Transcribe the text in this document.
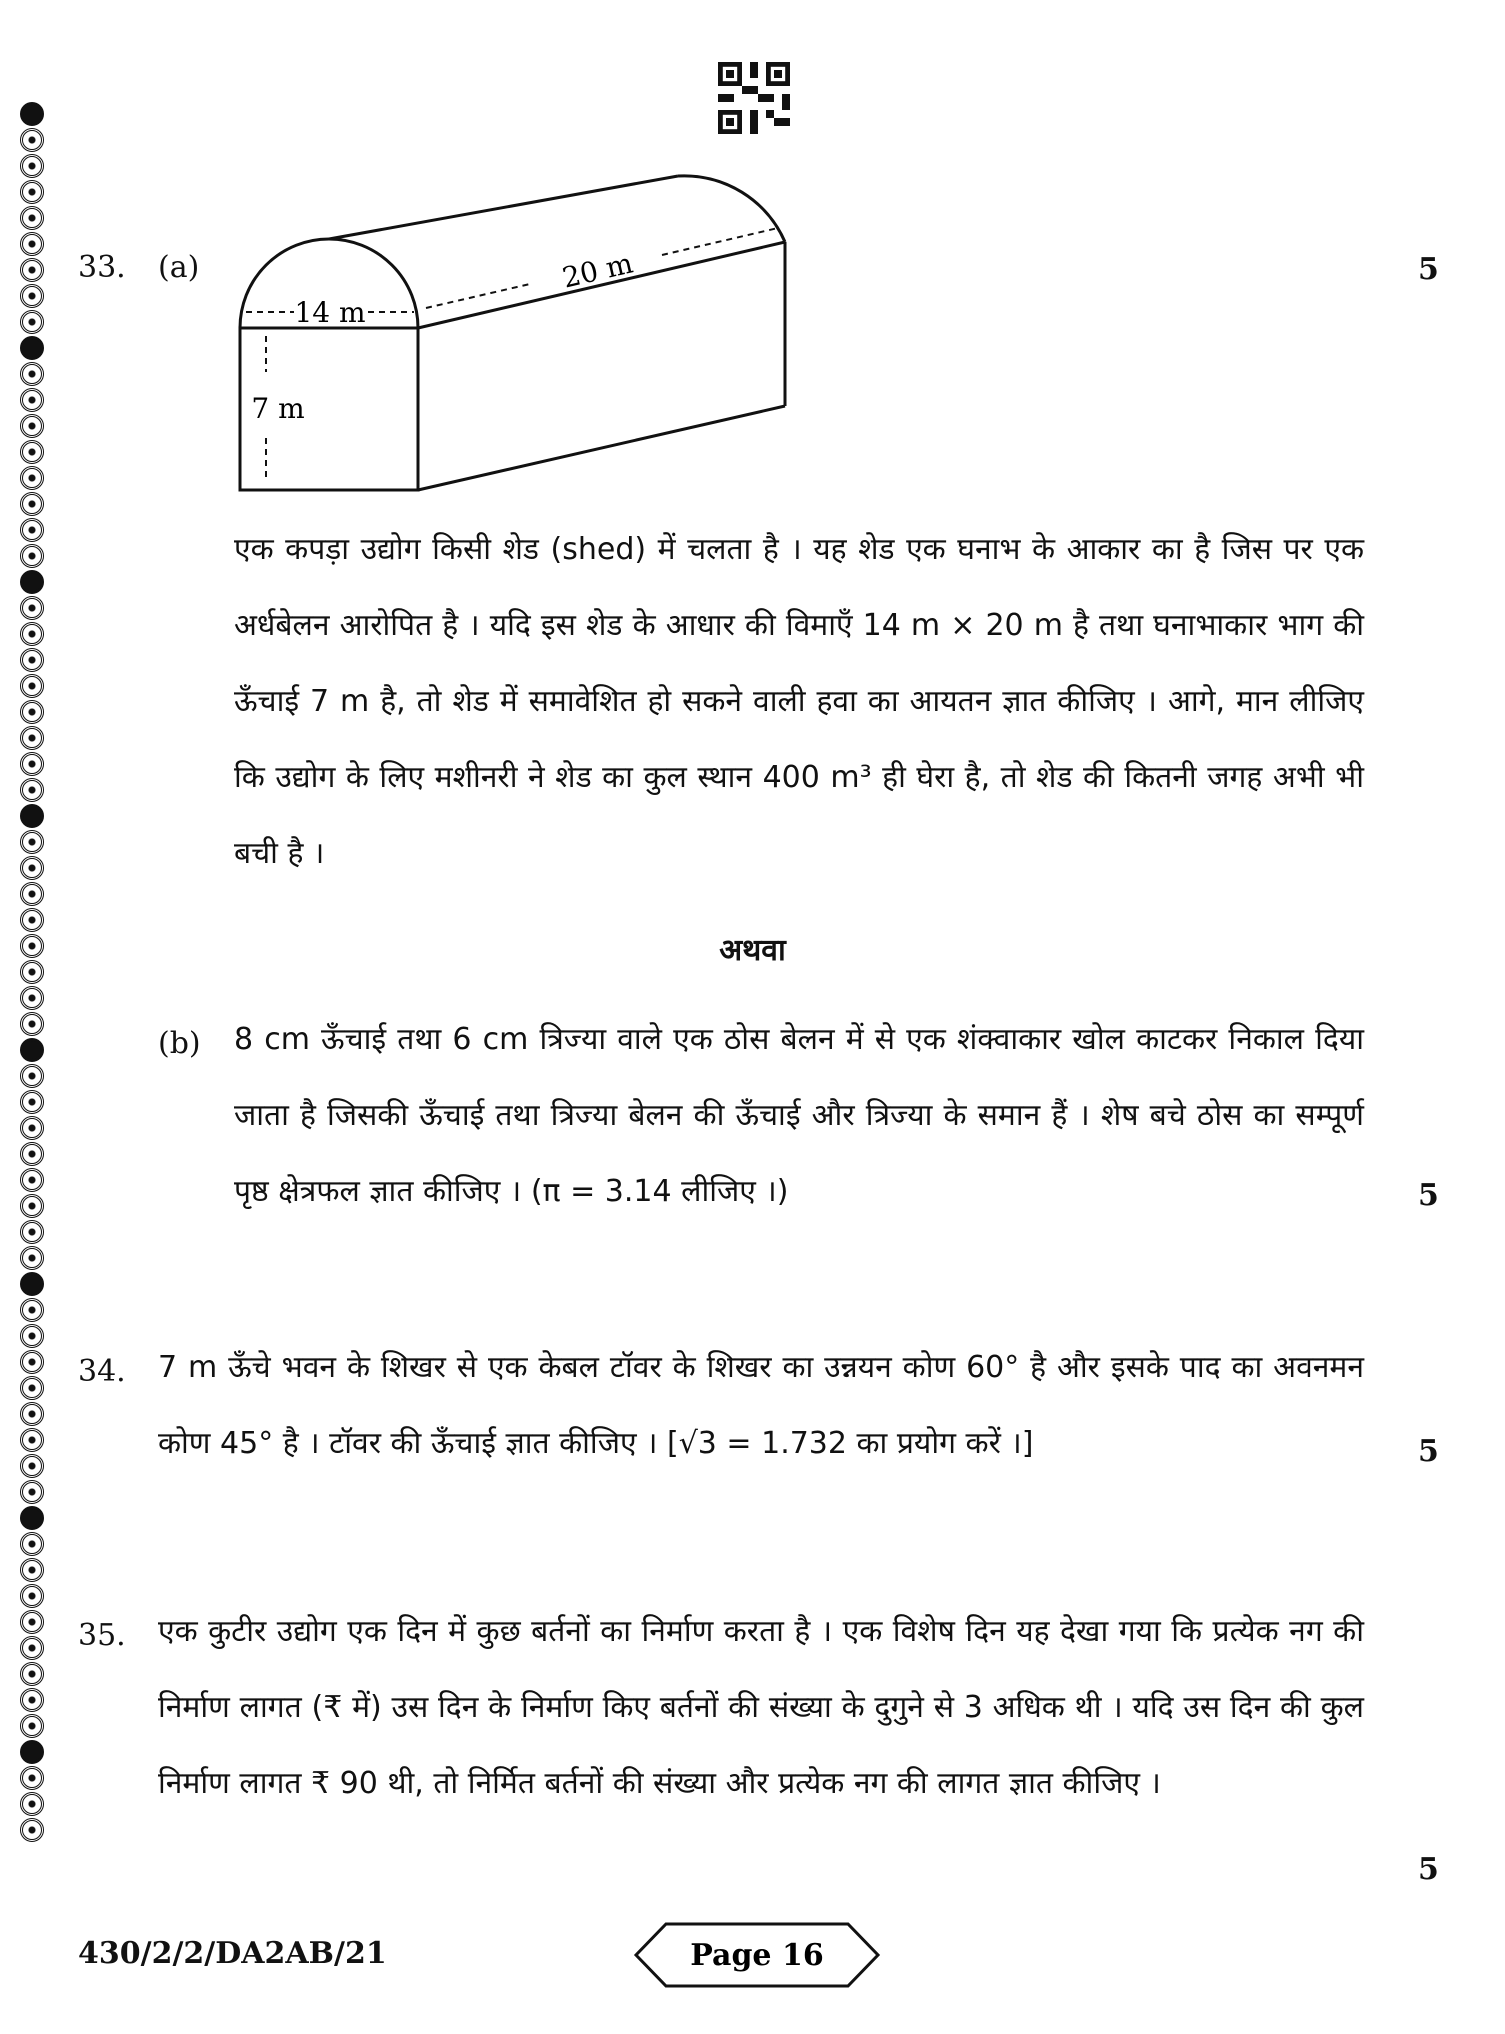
33. (a)	5
14 m
20 m
7 m
एक कपड़ा उद्योग किसी शेड (shed) में चलता है । यह शेड एक घनाभ के आकार का है जिस पर एक अर्धबेलन आरोपित है । यदि इस शेड के आधार की विमाएँ 14 m × 20 m है तथा घनाभाकार भाग की ऊँचाई 7 m है, तो शेड में समावेशित हो सकने वाली हवा का आयतन ज्ञात कीजिए । आगे, मान लीजिए कि उद्योग के लिए मशीनरी ने शेड का कुल स्थान 400 m³ ही घेरा है, तो शेड की कितनी जगह अभी भी बची है ।
अथवा
(b) 8 cm ऊँचाई तथा 6 cm त्रिज्या वाले एक ठोस बेलन में से एक शंक्वाकार खोल काटकर निकाल दिया जाता है जिसकी ऊँचाई तथा त्रिज्या बेलन की ऊँचाई और त्रिज्या के समान हैं । शेष बचे ठोस का सम्पूर्ण पृष्ठ क्षेत्रफल ज्ञात कीजिए । (π = 3.14 लीजिए ।)	5
34. 7 m ऊँचे भवन के शिखर से एक केबल टॉवर के शिखर का उन्नयन कोण 60° है और इसके पाद का अवनमन कोण 45° है । टॉवर की ऊँचाई ज्ञात कीजिए । [√3 = 1.732 का प्रयोग करें ।]	5
35. एक कुटीर उद्योग एक दिन में कुछ बर्तनों का निर्माण करता है । एक विशेष दिन यह देखा गया कि प्रत्येक नग की निर्माण लागत (₹ में) उस दिन के निर्माण किए बर्तनों की संख्या के दुगुने से 3 अधिक थी । यदि उस दिन की कुल निर्माण लागत ₹ 90 थी, तो निर्मित बर्तनों की संख्या और प्रत्येक नग की लागत ज्ञात कीजिए ।
5
430/2/2/DA2AB/21	Page 16
